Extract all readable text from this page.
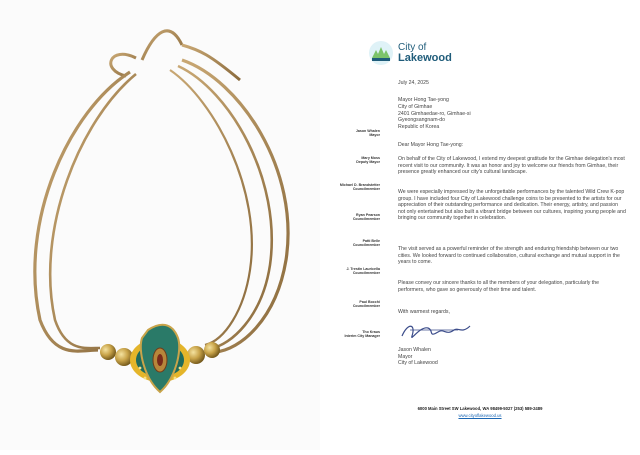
City of
Lakewood
Jason Whalen
Mayor
Mary Moss
Deputy Mayor
Michael D. Brandstetter
Councilmember
Ryan Pearson
Councilmember
Patti Belle
Councilmember
J. Trestin Lauricella
Councilmember
Paul Bocchi
Councilmember
Tho Kraus
Interim City Manager
July 24, 2025
Mayor Hong Tae-yong
City of Gimhae
2401 Gimhaedae-ro, Gimhae-si
Gyeongsangnam-do
Republic of Korea

Dear Mayor Hong Tae-yong:

On behalf of the City of Lakewood, I extend my deepest gratitude for the Gimhae delegation's most recent visit to our community. It was an honor and joy to welcome our friends from Gimhae, their presence greatly enhanced our city's cultural landscape.

We were especially impressed by the unforgettable performances by the talented Wild Crew K-pop group. I have included four City of Lakewood challenge coins to be presented to the artists for our appreciation of their outstanding performance and dedication. Their energy, artistry, and passion not only entertained but also built a vibrant bridge between our cultures, inspiring young people and bringing our community together in celebration.

The visit served as a powerful reminder of the strength and enduring friendship between our two cities. We looked forward to continued collaboration, cultural exchange and mutual support in the years to come.

Please convey our sincere thanks to all the members of your delegation, particularly the performers, who gave so generously of their time and talent.

With warmest regards,

Jason Whalen
Mayor
City of Lakewood
6000 Main Street SW Lakewood, WA 98499-5027 (253) 589-2489
www.cityoflakewood.us
